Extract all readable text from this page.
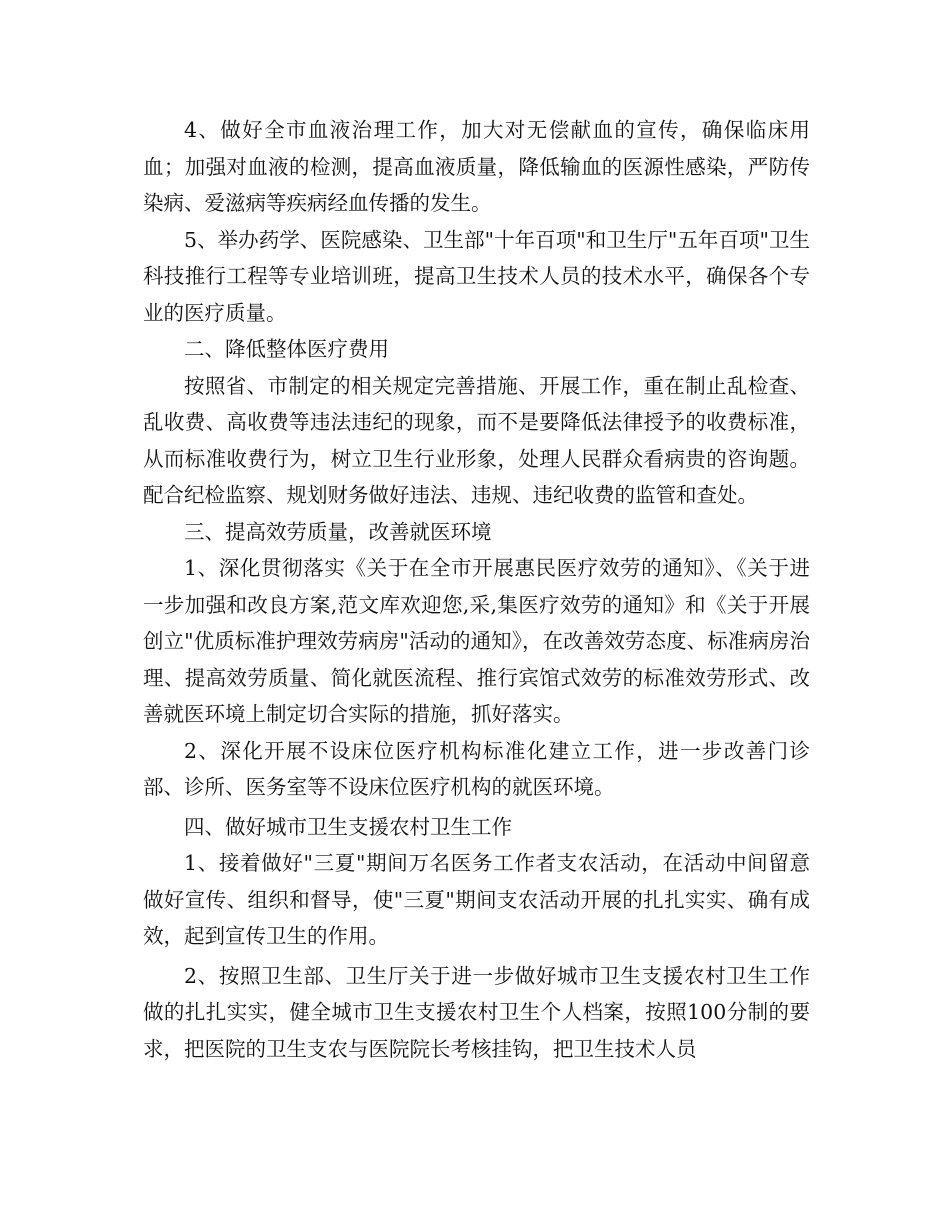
4、做好全市血液治理工作，加大对无偿献血的宣传，确保临床用血；加强对血液的检测，提高血液质量，降低输血的医源性感染，严防传染病、爱滋病等疾病经血传播的发生。

5、举办药学、医院感染、卫生部"十年百项"和卫生厅"五年百项"卫生科技推行工程等专业培训班，提高卫生技术人员的技术水平，确保各个专业的医疗质量。

二、降低整体医疗费用

按照省、市制定的相关规定完善措施、开展工作，重在制止乱检查、乱收费、高收费等违法违纪的现象，而不是要降低法律授予的收费标准，从而标准收费行为，树立卫生行业形象，处理人民群众看病贵的咨询题。配合纪检监察、规划财务做好违法、违规、违纪收费的监管和查处。

三、提高效劳质量，改善就医环境

1、深化贯彻落实《关于在全市开展惠民医疗效劳的通知》、《关于进一步加强和改良方案,范文库欢迎您,采,集医疗效劳的通知》和《关于开展创立"优质标准护理效劳病房"活动的通知》，在改善效劳态度、标准病房治理、提高效劳质量、简化就医流程、推行宾馆式效劳的标准效劳形式、改善就医环境上制定切合实际的措施，抓好落实。

2、深化开展不设床位医疗机构标准化建立工作，进一步改善门诊部、诊所、医务室等不设床位医疗机构的就医环境。

四、做好城市卫生支援农村卫生工作

1、接着做好"三夏"期间万名医务工作者支农活动，在活动中间留意做好宣传、组织和督导，使"三夏"期间支农活动开展的扎扎实实、确有成效，起到宣传卫生的作用。

2、按照卫生部、卫生厅关于进一步做好城市卫生支援农村卫生工作做的扎扎实实，健全城市卫生支援农村卫生个人档案，按照100分制的要求，把医院的卫生支农与医院院长考核挂钩，把卫生技术人员
